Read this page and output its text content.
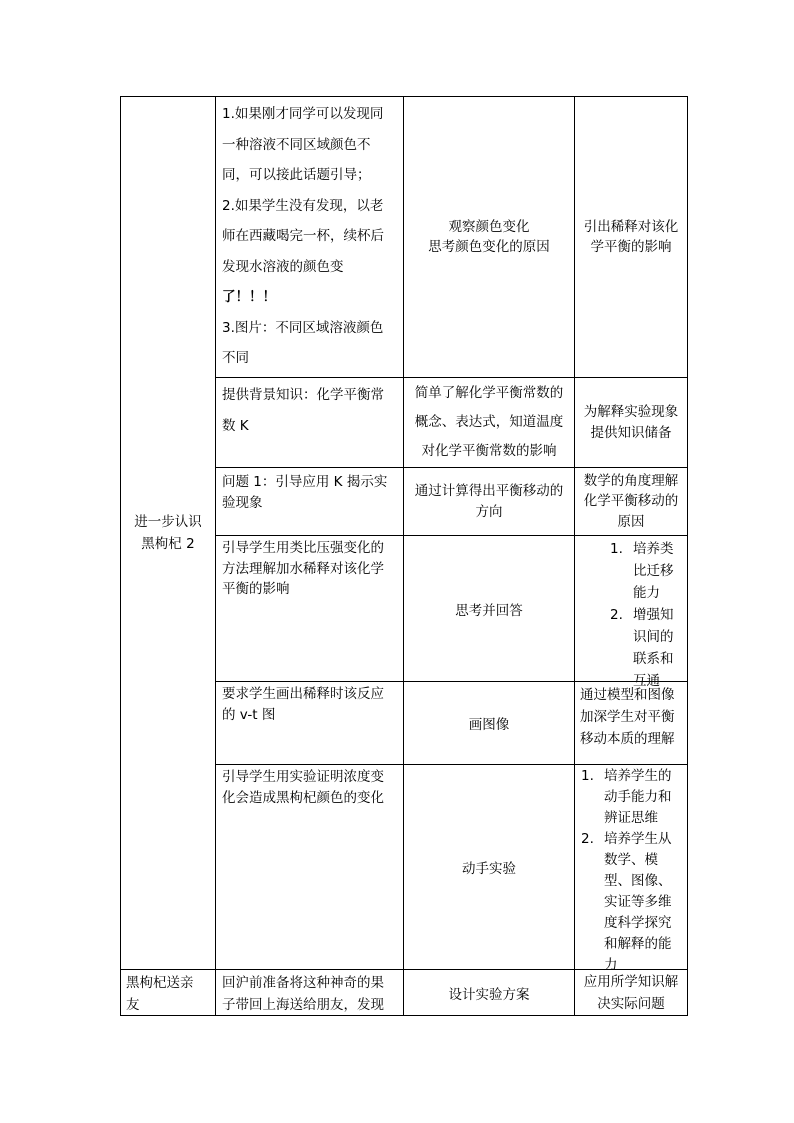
进一步认识黑枸杞 2

1.如果刚才同学可以发现同

一种溶液不同区域颜色不

同，可以接此话题引导；

2.如果学生没有发现，以老

师在西藏喝完一杯，续杯后

发现水溶液的颜色变

了！！！

3.图片：不同区域溶液颜色

不同

观察颜色变化

思考颜色变化的原因

引出稀释对该化

学平衡的影响

提供背景知识：化学平衡常

数 K

简单了解化学平衡常数的

概念、表达式，知道温度

对化学平衡常数的影响

为解释实验现象

提供知识储备

问题 1：引导应用 K 揭示实

验现象

通过计算得出平衡移动的

方向

数学的角度理解

化学平衡移动的

原因

引导学生用类比压强变化的

方法理解加水稀释对该化学

平衡的影响

思考并回答

1. 培养类

比迁移

能力

2. 增强知

识间的

联系和

互通

要求学生画出稀释时该反应

的 v-t 图

画图像

通过模型和图像

加深学生对平衡

移动本质的理解

引导学生用实验证明浓度变

化会造成黑枸杞颜色的变化

动手实验

1. 培养学生的

动手能力和

辨证思维

2. 培养学生从

数学、模

型、图像、

实证等多维

度科学探究

和解释的能

力

黑枸杞送亲

友

回沪前准备将这种神奇的果

子带回上海送给朋友，发现

设计实验方案

应用所学知识解

决实际问题
